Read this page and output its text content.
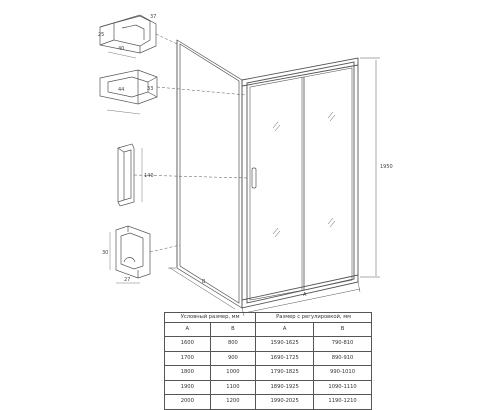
1950
A
B
40
37
25
44	33
140
30
27
Условный размер, мм		Размер с регулировкой, мм	
A	B	A	B
1600	800	1590-1625	790-810
1700	900	1690-1725	890-910
1800	1000	1790-1825	990-1010
1900	1100	1890-1925	1090-1110
2000	1200	1990-2025	1190-1210
